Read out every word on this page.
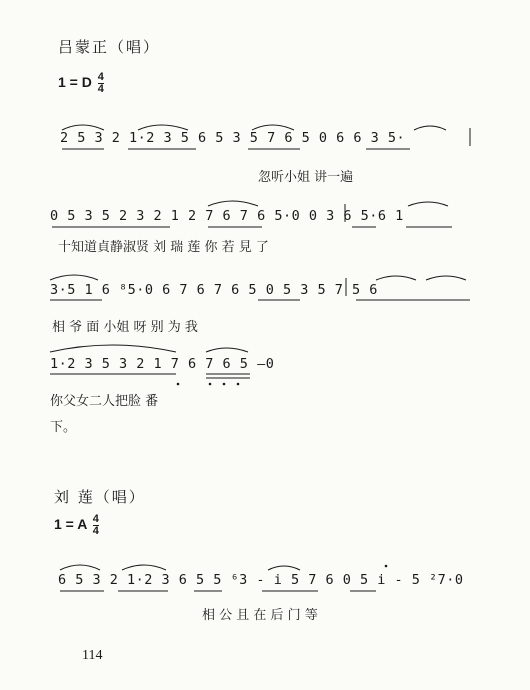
吕蒙正（唱）
1 = D $\frac{4}{4}$
2 5 3 2 1·2 3 5 6 5 3 5 7 6 5 0 6 6 3 5·
忽听小姐 讲一遍
0 5 3 5 2 3 2 1 2 7 6 7 6 5·0 0 3 6 5·6 1
十知道貞静淑贤 刘 瑞 莲 你 若 見 了
3·5 1 6 ⁸5·0 6 7 6 7 6 5 0 5 3 5 7 5 6
相 爷 面 小姐 呀 别 为 我
1·2 3 5 3 2 1 7 6 7 6 5 —0
你父女二人把脸 番
下。
刘 莲（唱）
1 = A $\frac{4}{4}$
6 5 3 2 1·2 3 6 5 5 ⁶3 - i 5 7 6 0 5 i - 5 ²7·0
相 公 且 在 后 门 等
114
